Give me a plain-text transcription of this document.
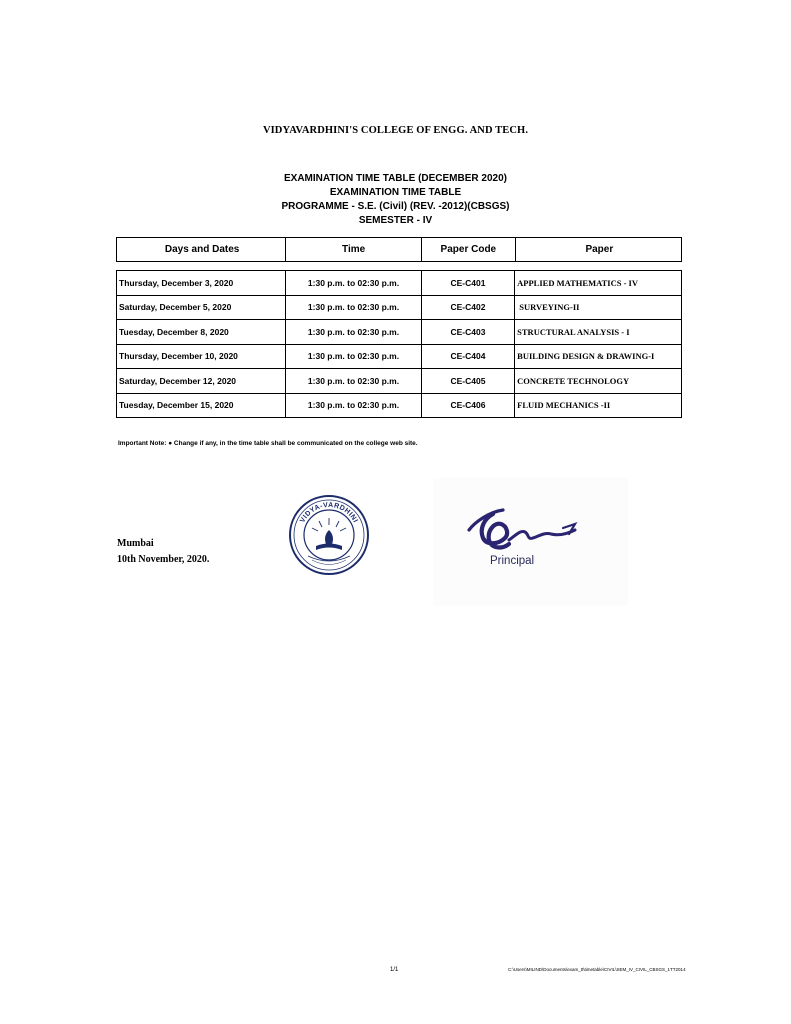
VIDYAVARDHINI'S COLLEGE OF ENGG. AND TECH.
EXAMINATION TIME TABLE (DECEMBER 2020)
EXAMINATION TIME TABLE
PROGRAMME - S.E. (Civil) (REV. -2012)(CBSGS)
SEMESTER - IV
Days and Dates	Time	Paper Code	Paper
Thursday, December 3, 2020	1:30 p.m. to 02:30 p.m.	CE-C401	APPLIED MATHEMATICS - IV
Saturday, December 5, 2020	1:30 p.m. to 02:30 p.m.	CE-C402	SURVEYING-II
Tuesday, December 8, 2020	1:30 p.m. to 02:30 p.m.	CE-C403	STRUCTURAL ANALYSIS - I
Thursday, December 10, 2020	1:30 p.m. to 02:30 p.m.	CE-C404	BUILDING DESIGN & DRAWING-I
Saturday, December 12, 2020	1:30 p.m. to 02:30 p.m.	CE-C405	CONCRETE TECHNOLOGY
Tuesday, December 15, 2020	1:30 p.m. to 02:30 p.m.	CE-C406	FLUID MECHANICS -II
Important Note: ● Change if any, in the time table shall be communicated on the college web site.
Mumbai
10th November, 2020.
VIDYA-VARDHINI
Principal
1/1	C:\Users\MILIND\Documents\exam_tt\timetable\CIVIL\SEM_IV_CIVIL_CBSGS_1TT2014
